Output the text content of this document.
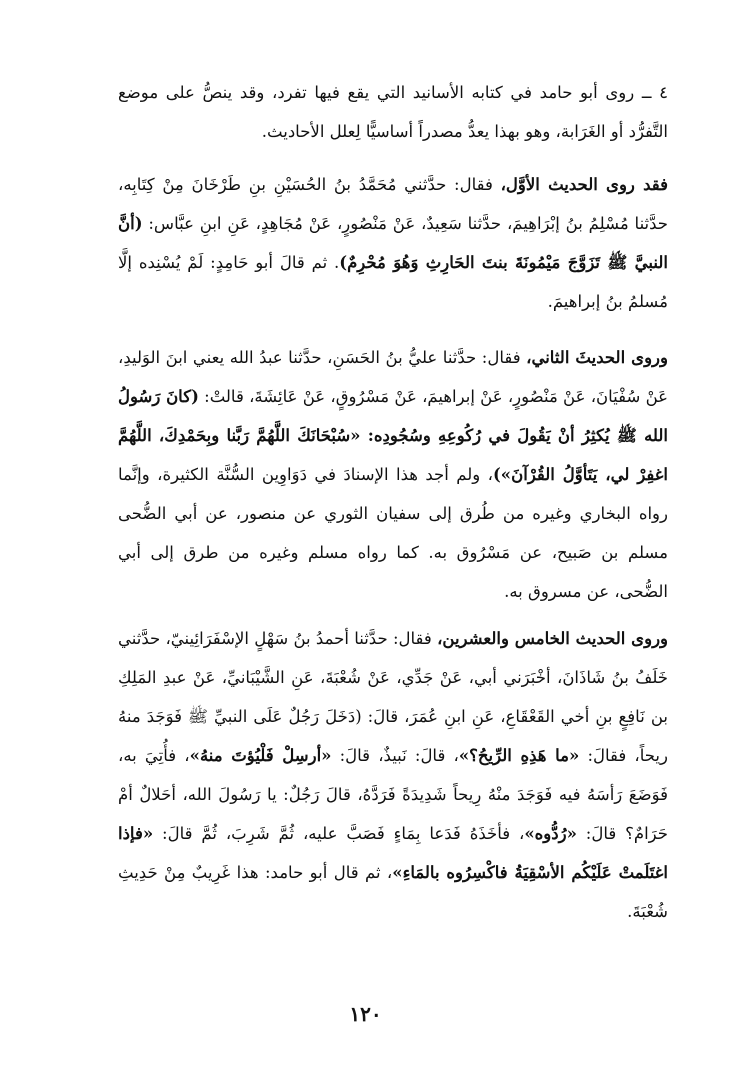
٤ ــ روى أبو حامد في كتابه الأسانيد التي يقع فيها تفرد، وقد ينصُّ على موضع التَّفرُّد أو الغَرَابة، وهو بهذا يعدُّ مصدراً أساسيًّا لِعلل الأحاديث.
فقد روى الحديث الأوَّل، فقال: حدَّثني مُحَمَّدُ بنُ الحُسَيْنِ بنِ طَرْخَانَ مِنْ كِتَابِه، حدَّثنا مُسْلِمُ بنُ إبْرَاهِيمَ، حدَّثنا سَعِيدٌ، عَنْ مَنْصُورٍ، عَنْ مُجَاهِدٍ، عَنِ ابنِ عبَّاس: (أنَّ النبيَّ ﷺ تَزَوَّجَ مَيْمُونَةَ بنتَ الحَارِثِ وَهُوَ مُحْرِمٌ). ثم قالَ أبو حَامِدٍ: لَمْ يُسْنِده إلَّا مُسلمُ بنُ إبراهيمَ.
وروى الحديثَ الثاني، فقال: حدَّثنا عليُّ بنُ الحَسَنِ، حدَّثنا عبدُ الله يعني ابنَ الوَليدِ، عَنْ سُفْيَانَ، عَنْ مَنْصُورٍ، عَنْ إبراهيمَ، عَنْ مَسْرُوقٍ، عَنْ عَائِشَةَ، قالتْ: (كانَ رَسُولُ الله ﷺ يُكثِرُ أنْ يَقُولَ في رُكُوعِهِ وسُجُودِه: «سُبْحَانَكَ اللَّهُمَّ رَبَّنا وبِحَمْدِكَ، اللَّهُمَّ اغفِرْ لي، يَتَأوَّلُ القُرْآنَ»)، ولم أجد هذا الإسنادَ في دَوَاوِين السُّنَّة الكثيرة، وإنَّما رواه البخاري وغيره من طُرق إلى سفيان الثوري عن منصور، عن أبي الضُّحى مسلم بن صَبيح، عن مَسْرُوق به. كما رواه مسلم وغيره من طرق إلى أبي الضُّحى، عن مسروق به.
وروى الحديث الخامس والعشرين، فقال: حدَّثنا أحمدُ بنُ سَهْلٍ الإسْفَرَائِينيّ، حدَّثني خَلَفُ بنُ شَاذَانَ، أخْبَرَني أبي، عَنْ جَدِّي، عَنْ شُعْبَةَ، عَنِ الشَّيْبَانيِّ، عَنْ عبدِ المَلِكِ بن نَافِعٍ بنِ أخي القَعْقَاعِ، عَنِ ابنِ عُمَرَ، قالَ: (دَخَلَ رَجُلٌ عَلَى النبيِّ ﷺ فَوَجَدَ منهُ ريحاً، فقالَ: «ما هَذِهِ الرِّيحُ؟»، قالَ: نَبيذٌ، قالَ: «أرسِلْ فَلْيُؤتَ منهُ»، فأُتِيَ به، فَوَضَعَ رَأسَهُ فيه فَوَجَدَ منْهُ رِيحاً شَدِيدَةً فَرَدَّهُ، قالَ رَجُلٌ: يا رَسُولَ الله، أحَلالٌ أمْ حَرَامٌ؟ قالَ: «رُدُّوه»، فأخَذَهُ فَدَعا بِمَاءٍ فَصَبَّ عليه، ثُمَّ شَرِبَ، ثُمَّ قالَ: «فإذا اغتَلَمتْ عَلَيْكُم الأسْقِيَةُ فاكْسِرُوه بالمَاءِ»، ثم قال أبو حامد: هذا غَرِيبٌ مِنْ حَدِيثِ شُعْبَةَ.
١٢٠
